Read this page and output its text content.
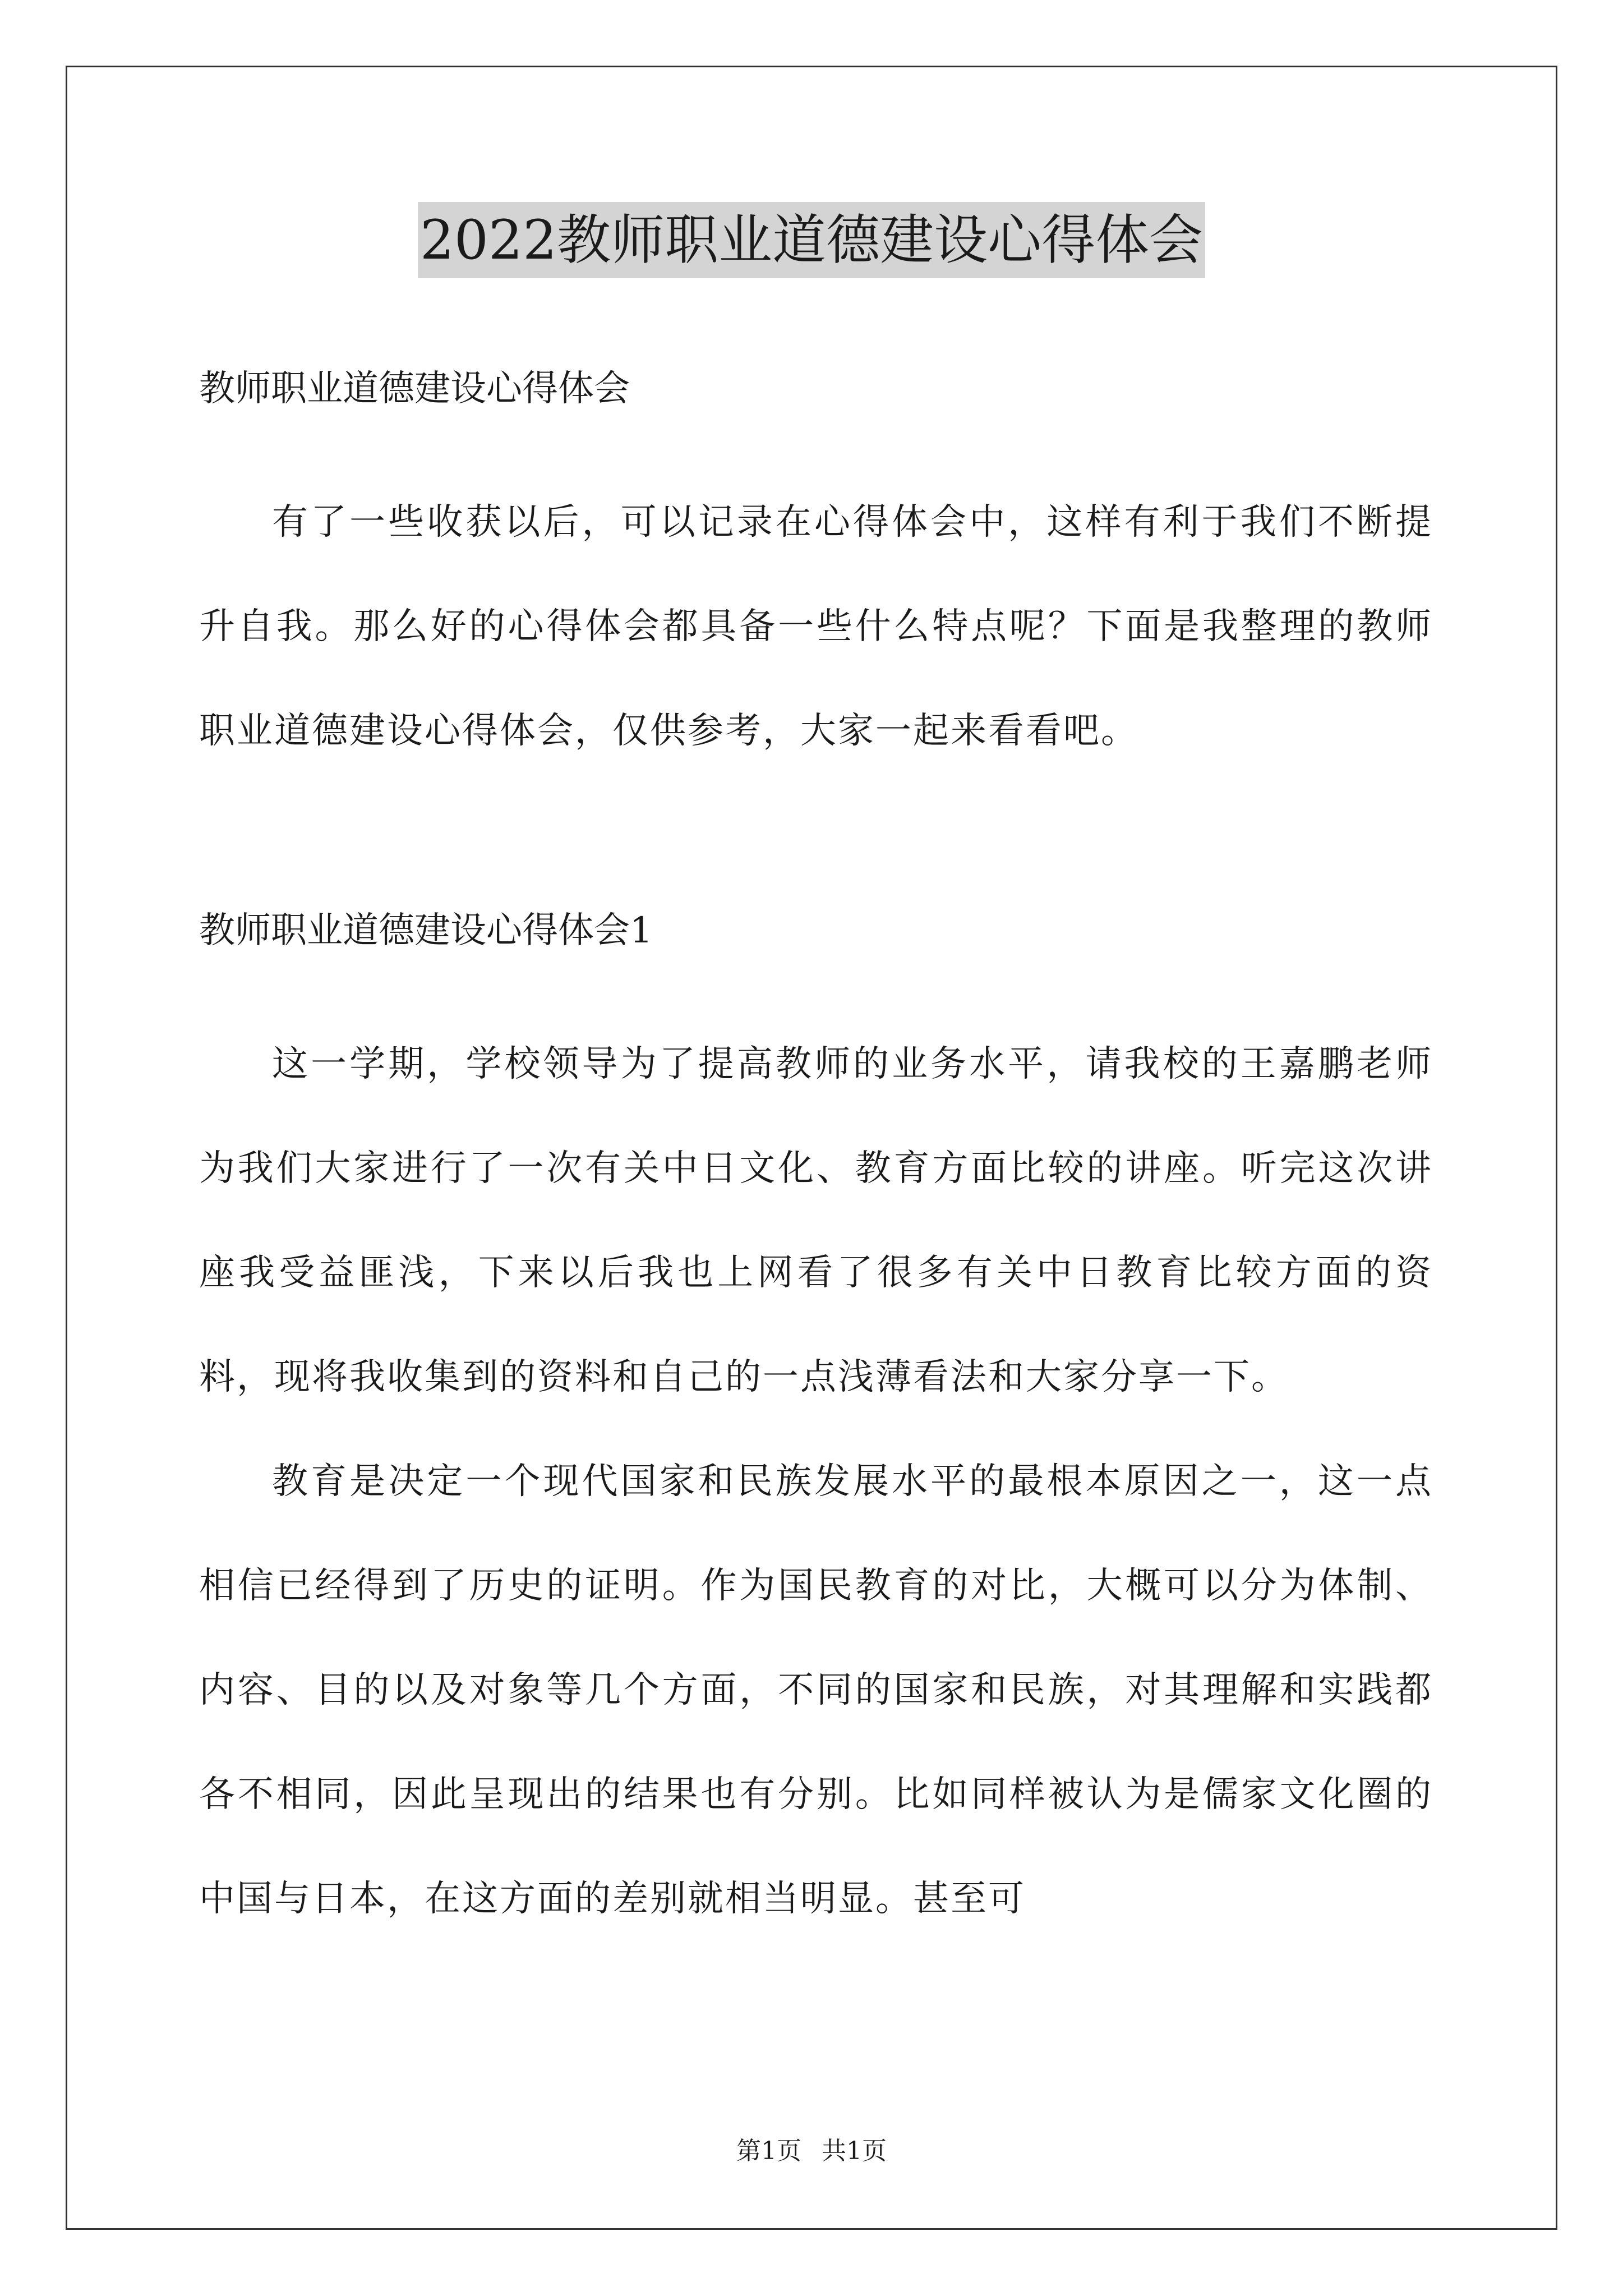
2022教师职业道德建设心得体会

教师职业道德建设心得体会

有了一些收获以后，可以记录在心得体会中，这样有利于我们不断提升自我。那么好的心得体会都具备一些什么特点呢？下面是我整理的教师职业道德建设心得体会，仅供参考，大家一起来看看吧。

教师职业道德建设心得体会1

这一学期，学校领导为了提高教师的业务水平，请我校的王嘉鹏老师为我们大家进行了一次有关中日文化、教育方面比较的讲座。听完这次讲座我受益匪浅，下来以后我也上网看了很多有关中日教育比较方面的资料，现将我收集到的资料和自己的一点浅薄看法和大家分享一下。

教育是决定一个现代国家和民族发展水平的最根本原因之一，这一点相信已经得到了历史的证明。作为国民教育的对比，大概可以分为体制、内容、目的以及对象等几个方面，不同的国家和民族，对其理解和实践都各不相同，因此呈现出的结果也有分别。比如同样被认为是儒家文化圈的中国与日本，在这方面的差别就相当明显。甚至可

第1页 共1页
